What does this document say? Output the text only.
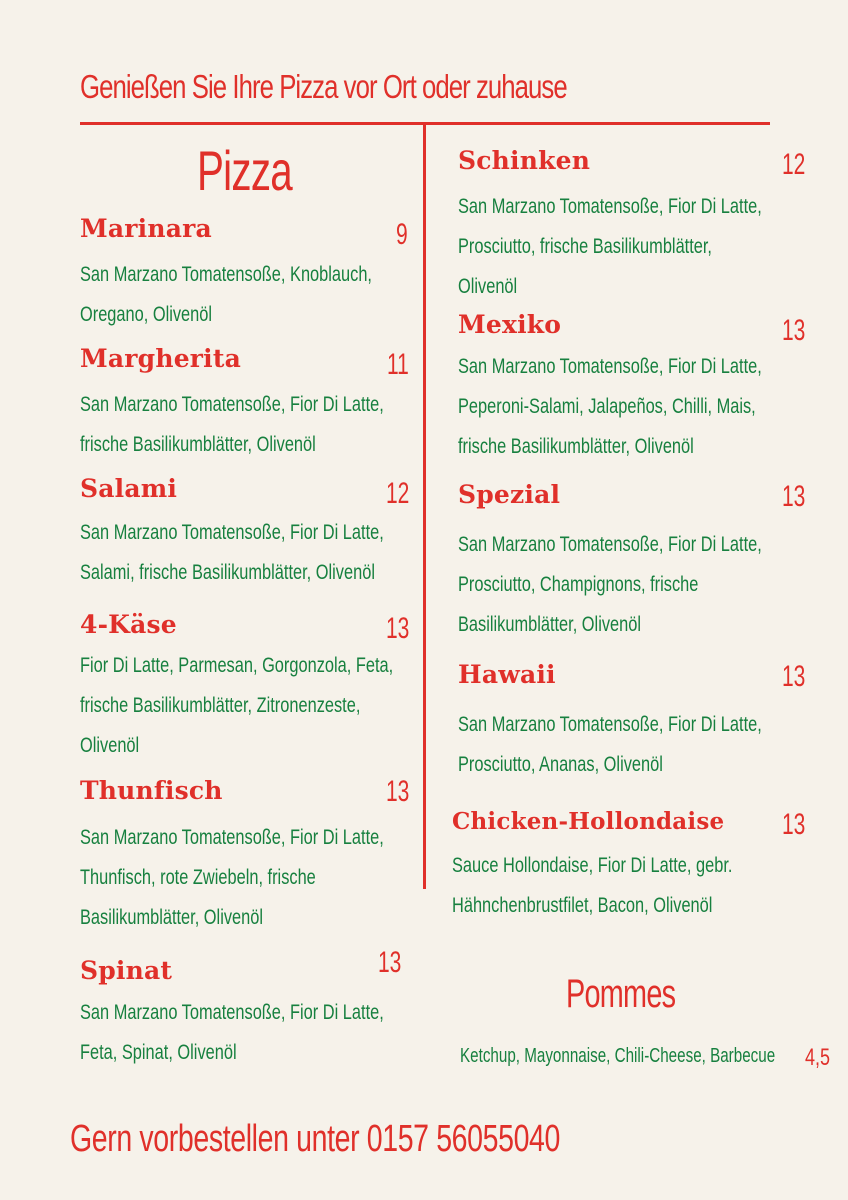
Genießen Sie Ihre Pizza vor Ort oder zuhause
Pizza
Marinara	9
San Marzano Tomatensoße, Knoblauch,
Oregano, Olivenöl
Margherita	11
San Marzano Tomatensoße, Fior Di Latte,
frische Basilikumblätter, Olivenöl
Salami	12
San Marzano Tomatensoße, Fior Di Latte,
Salami, frische Basilikumblätter, Olivenöl
4-Käse	13
Fior Di Latte, Parmesan, Gorgonzola, Feta,
frische Basilikumblätter, Zitronenzeste,
Olivenöl
Thunfisch	13
San Marzano Tomatensoße, Fior Di Latte,
Thunfisch, rote Zwiebeln, frische
Basilikumblätter, Olivenöl
Spinat	13
San Marzano Tomatensoße, Fior Di Latte,
Feta, Spinat, Olivenöl
Schinken	12
San Marzano Tomatensoße, Fior Di Latte,
Prosciutto, frische Basilikumblätter,
Olivenöl
Mexiko	13
San Marzano Tomatensoße, Fior Di Latte,
Peperoni-Salami, Jalapeños, Chilli, Mais,
frische Basilikumblätter, Olivenöl
Spezial	13
San Marzano Tomatensoße, Fior Di Latte,
Prosciutto, Champignons, frische
Basilikumblätter, Olivenöl
Hawaii	13
San Marzano Tomatensoße, Fior Di Latte,
Prosciutto, Ananas, Olivenöl
Chicken-Hollondaise 13
Sauce Hollondaise, Fior Di Latte, gebr.
Hähnchenbrustfilet, Bacon, Olivenöl
Pommes
Ketchup, Mayonnaise, Chili-Cheese, Barbecue 4,5
Gern vorbestellen unter 0157 56055040
